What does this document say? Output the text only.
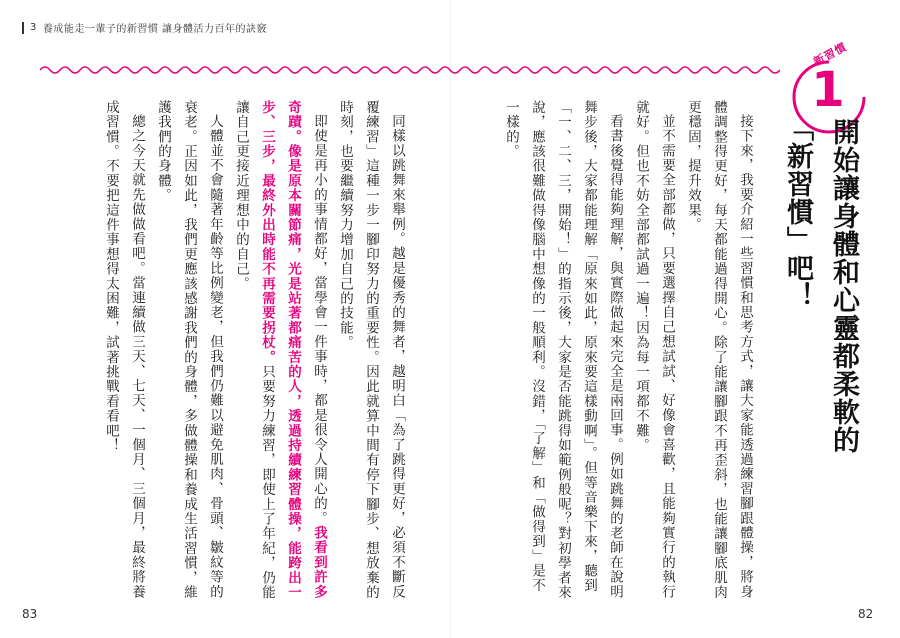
3 養成能走一輩子的新習慣 讓身體活力百年的訣竅
新習慣
1
開始讓身體和心靈都柔軟的
「新習慣」吧！
接下來，我要介紹一些習慣和思考方式，讓大家能透過練習腳跟體操，將身體調整得更好，每天都能過得開心。除了能讓腳跟不再歪斜，也能讓腳底肌肉更穩固，提升效果。
並不需要全部都做，只要選擇自己想試試、好像會喜歡，且能夠實行的執行就好。但也不妨全部都試過一遍！因為每一項都不難。
看書後覺得能夠理解，與實際做起來完全是兩回事。例如跳舞的老師在說明舞步後，大家都能理解「原來如此，原來要這樣動啊」。但等音樂下來，聽到「一、二、三，開始！」的指示後，大家是否能跳得如範例般呢？對初學者來說，應該很難做得像腦中想像的一般順利。沒錯，「了解」和「做得到」是不一樣的。
同樣以跳舞來舉例。越是優秀的舞者，越明白「為了跳得更好，必須不斷反覆練習」這種一步一腳印努力的重要性。因此就算中間有停下腳步、想放棄的時刻，也要繼續努力增加自己的技能。
即使是再小的事情都好，當學會一件事時，都是很令人開心的。我看到許多奇蹟。像是原本關節痛，光是站著都痛苦的人，透過持續練習體操，能跨出一步、三步，最終外出時能不再需要拐杖。只要努力練習，即使上了年紀，仍能讓自己更接近理想中的自己。
人體並不會隨著年齡等比例變老，但我們仍難以避免肌肉、骨頭、皺紋等的衰老。正因如此，我們更應該感謝我們的身體，多做體操和養成生活習慣，維護我們的身體。
總之今天就先做做看吧。當連續做三天、七天、一個月、三個月，最終將養成習慣。不要把這件事想得太困難，試著挑戰看看吧！
83	82
